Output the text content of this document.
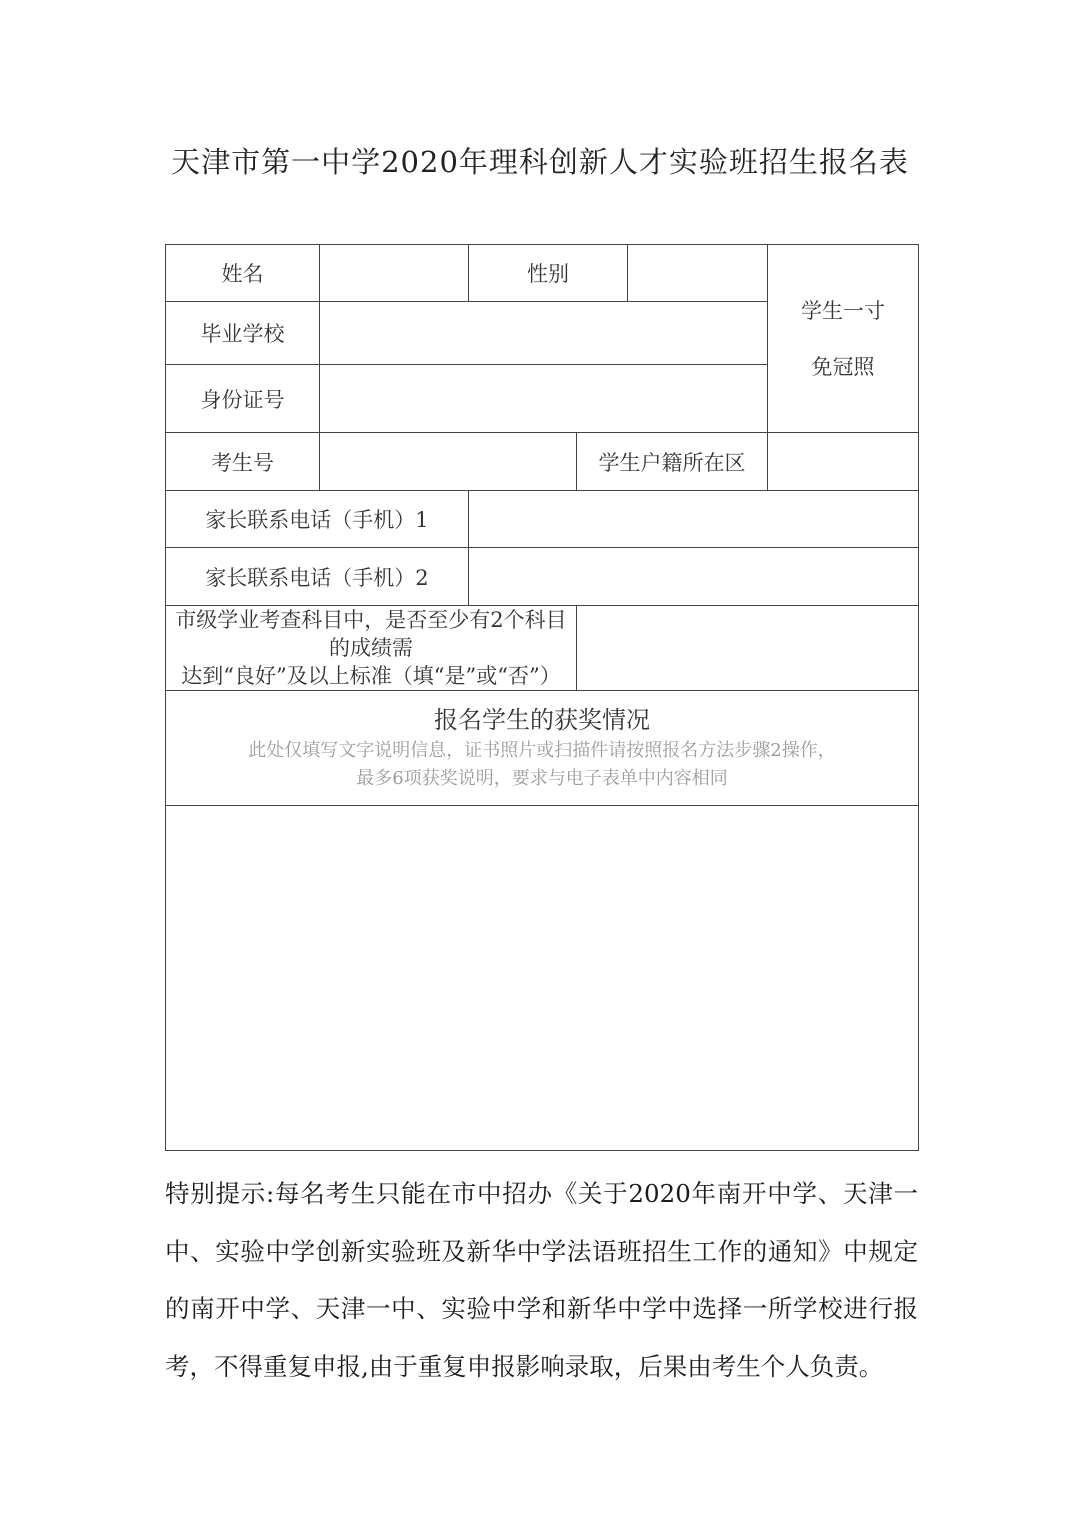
天津市第一中学2020年理科创新人才实验班招生报名表
姓名		性别			学生一寸
免冠照

毕业学校					
身份证号					
考生号			学生户籍所在区		
家长联系电话（手机）1					
家长联系电话（手机）2					

市级学业考查科目中，是否至少有2个科目的成绩需
达到“良好”及以上标准（填“是”或“否”）					

报名学生的获奖情况
此处仅填写文字说明信息，证书照片或扫描件请按照报名方法步骤2操作，
最多6项获奖说明，要求与电子表单中内容相同					

特别提示:每名考生只能在市中招办《关于2020年南开中学、天津一中、实验中学创新实验班及新华中学法语班招生工作的通知》中规定的南开中学、天津一中、实验中学和新华中学中选择一所学校进行报考，不得重复申报,由于重复申报影响录取，后果由考生个人负责。
